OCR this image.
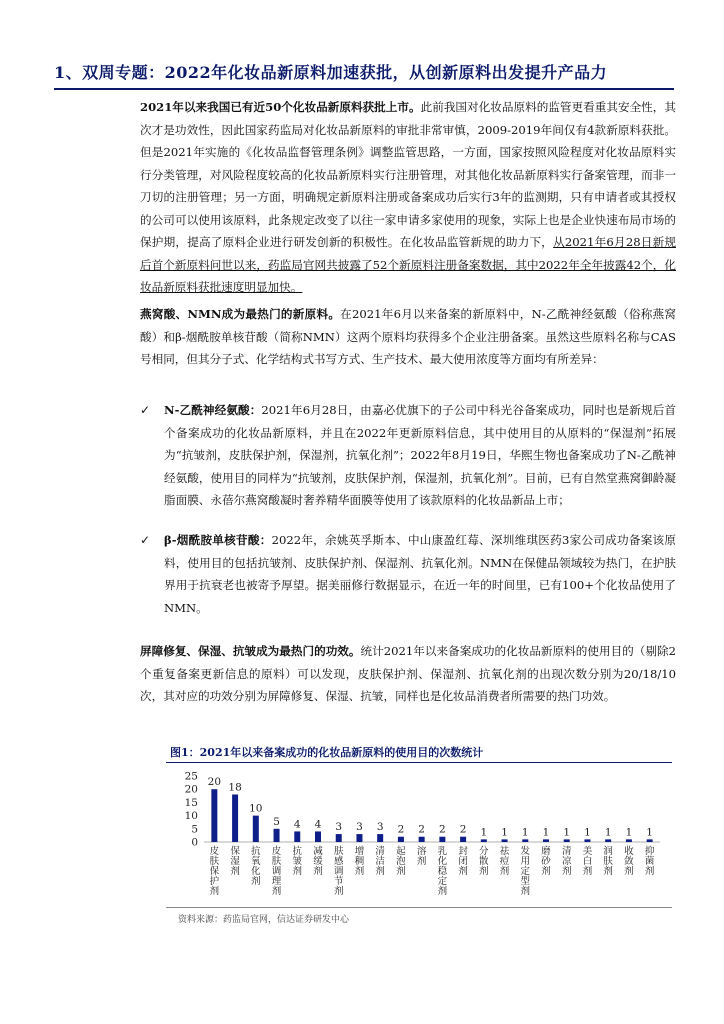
1、双周专题：2022年化妆品新原料加速获批，从创新原料出发提升产品力
2021年以来我国已有近50个化妆品新原料获批上市。此前我国对化妆品原料的监管更看重其安全性，其次才是功效性，因此国家药监局对化妆品新原料的审批非常审慎，2009-2019年间仅有4款新原料获批。但是2021年实施的《化妆品监督管理条例》调整监管思路，一方面，国家按照风险程度对化妆品原料实行分类管理，对风险程度较高的化妆品新原料实行注册管理，对其他化妆品新原料实行备案管理，而非一刀切的注册管理；另一方面，明确规定新原料注册或备案成功后实行3年的监测期，只有申请者或其授权的公司可以使用该原料，此条规定改变了以往一家申请多家使用的现象，实际上也是企业快速布局市场的保护期，提高了原料企业进行研发创新的积极性。在化妆品监管新规的助力下，从2021年6月28日新规后首个新原料问世以来，药监局官网共披露了52个新原料注册备案数据，其中2022年全年披露42个，化妆品新原料获批速度明显加快。
燕窝酸、NMN成为最热门的新原料。在2021年6月以来备案的新原料中，N-乙酰神经氨酸（俗称燕窝酸）和β-烟酰胺单核苷酸（简称NMN）这两个原料均获得多个企业注册备案。虽然这些原料名称与CAS号相同，但其分子式、化学结构式书写方式、生产技术、最大使用浓度等方面均有所差异：
✓	N-乙酰神经氨酸：2021年6月28日，由嘉必优旗下的子公司中科光谷备案成功，同时也是新规后首个备案成功的化妆品新原料，并且在2022年更新原料信息，其中使用目的从原料的“保湿剂”拓展为“抗皱剂，皮肤保护剂，保湿剂，抗氧化剂”；2022年8月19日，华熙生物也备案成功了N-乙酰神经氨酸，使用目的同样为“抗皱剂，皮肤保护剂，保湿剂，抗氧化剂”。目前，已有自然堂燕窝御龄凝脂面膜、永蓓尔燕窝酸凝时奢养精华面膜等使用了该款原料的化妆品新品上市；
✓	β-烟酰胺单核苷酸：2022年，余姚英孚斯本、中山康盈红莓、深圳维琪医药3家公司成功备案该原料，使用目的包括抗皱剂、皮肤保护剂、保湿剂、抗氧化剂。NMN在保健品领域较为热门，在护肤界用于抗衰老也被寄予厚望。据美丽修行数据显示，在近一年的时间里，已有100+个化妆品使用了NMN。
屏障修复、保湿、抗皱成为最热门的功效。统计2021年以来备案成功的化妆品新原料的使用目的（剔除2个重复备案更新信息的原料）可以发现，皮肤保护剂、保湿剂、抗氧化剂的出现次数分别为20/18/10次，其对应的功效分别为屏障修复、保湿、抗皱，同样也是化妆品消费者所需要的热门功效。
图1：2021年以来备案成功的化妆品新原料的使用目的次数统计
0
5
10
15
20
25 20
皮肤保护剂
18
保湿剂
10
抗氧化剂
5
皮肤调理剂
4
抗皱剂
4
减缓剂
3
肤感调节剂
3
增稠剂
3
清洁剂
2
起泡剂
2
溶剂
2
乳化稳定剂
2
封闭剂
1
分散剂
1
祛痘剂
1
发用定型剂
1
磨砂剂
1
清凉剂
1
美白剂
1
润肤剂
1
收敛剂
1
抑菌剂
资料来源：药监局官网，信达证券研发中心
